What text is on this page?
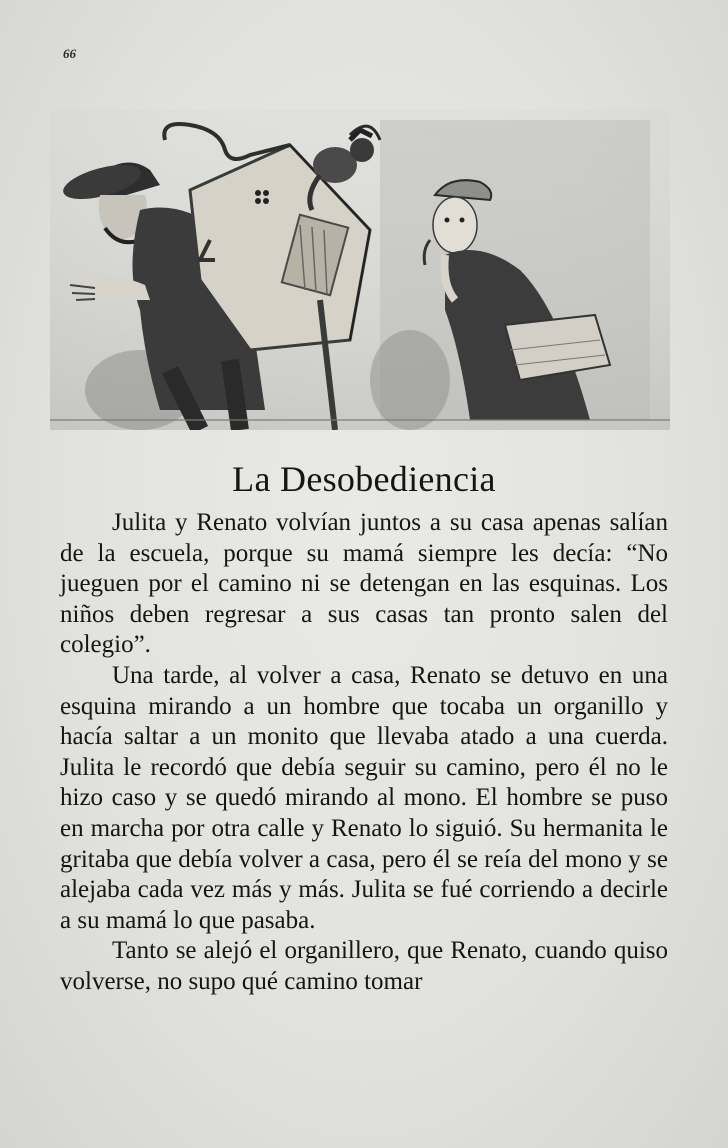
66
La Desobediencia

Julita y Renato volvían juntos a su casa apenas salían de la escuela, porque su mamá siempre les decía: “No jueguen por el camino ni se detengan en las esquinas. Los niños deben regresar a sus casas tan pronto salen del colegio”.

Una tarde, al volver a casa, Renato se detuvo en una esquina mirando a un hombre que tocaba un organillo y hacía saltar a un monito que llevaba atado a una cuerda. Julita le recordó que debía seguir su camino, pero él no le hizo caso y se quedó mirando al mono. El hombre se puso en marcha por otra calle y Renato lo siguió. Su hermanita le gritaba que debía volver a casa, pero él se reía del mono y se alejaba cada vez más y más. Julita se fué corriendo a decirle a su mamá lo que pasaba.

Tanto se alejó el organillero, que Renato, cuando quiso volverse, no supo qué camino tomar
